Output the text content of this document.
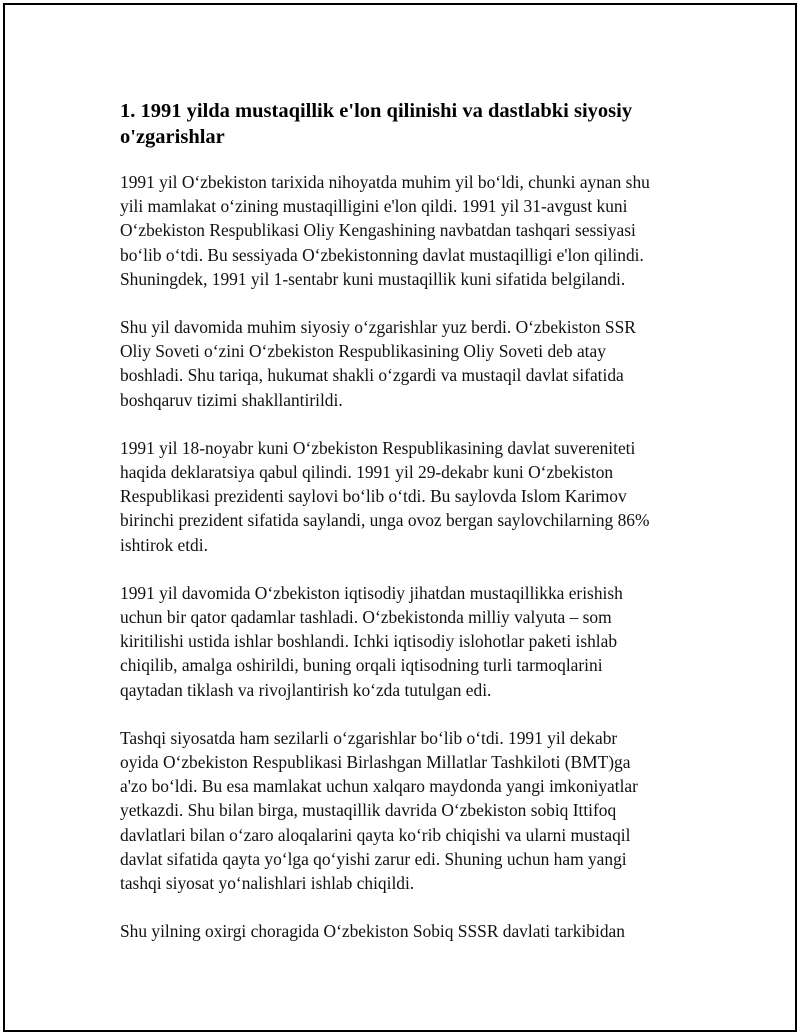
1. 1991 yilda mustaqillik e'lon qilinishi va dastlabki siyosiy
o'zgarishlar
1991 yil O‘zbekiston tarixida nihoyatda muhim yil bo‘ldi, chunki aynan shu
yili mamlakat o‘zining mustaqilligini e'lon qildi. 1991 yil 31-avgust kuni
O‘zbekiston Respublikasi Oliy Kengashining navbatdan tashqari sessiyasi
bo‘lib o‘tdi. Bu sessiyada O‘zbekistonning davlat mustaqilligi e'lon qilindi.
Shuningdek, 1991 yil 1-sentabr kuni mustaqillik kuni sifatida belgilandi.
Shu yil davomida muhim siyosiy o‘zgarishlar yuz berdi. O‘zbekiston SSR
Oliy Soveti o‘zini O‘zbekiston Respublikasining Oliy Soveti deb atay
boshladi. Shu tariqa, hukumat shakli o‘zgardi va mustaqil davlat sifatida
boshqaruv tizimi shakllantirildi.
1991 yil 18-noyabr kuni O‘zbekiston Respublikasining davlat suvereniteti
haqida deklaratsiya qabul qilindi. 1991 yil 29-dekabr kuni O‘zbekiston
Respublikasi prezidenti saylovi bo‘lib o‘tdi. Bu saylovda Islom Karimov
birinchi prezident sifatida saylandi, unga ovoz bergan saylovchilarning 86%
ishtirok etdi.
1991 yil davomida O‘zbekiston iqtisodiy jihatdan mustaqillikka erishish
uchun bir qator qadamlar tashladi. O‘zbekistonda milliy valyuta – som
kiritilishi ustida ishlar boshlandi. Ichki iqtisodiy islohotlar paketi ishlab
chiqilib, amalga oshirildi, buning orqali iqtisodning turli tarmoqlarini
qaytadan tiklash va rivojlantirish ko‘zda tutulgan edi.
Tashqi siyosatda ham sezilarli o‘zgarishlar bo‘lib o‘tdi. 1991 yil dekabr
oyida O‘zbekiston Respublikasi Birlashgan Millatlar Tashkiloti (BMT)ga
a'zo bo‘ldi. Bu esa mamlakat uchun xalqaro maydonda yangi imkoniyatlar
yetkazdi. Shu bilan birga, mustaqillik davrida O‘zbekiston sobiq Ittifoq
davlatlari bilan o‘zaro aloqalarini qayta ko‘rib chiqishi va ularni mustaqil
davlat sifatida qayta yo‘lga qo‘yishi zarur edi. Shuning uchun ham yangi
tashqi siyosat yo‘nalishlari ishlab chiqildi.
Shu yilning oxirgi choragida O‘zbekiston Sobiq SSSR davlati tarkibidan
